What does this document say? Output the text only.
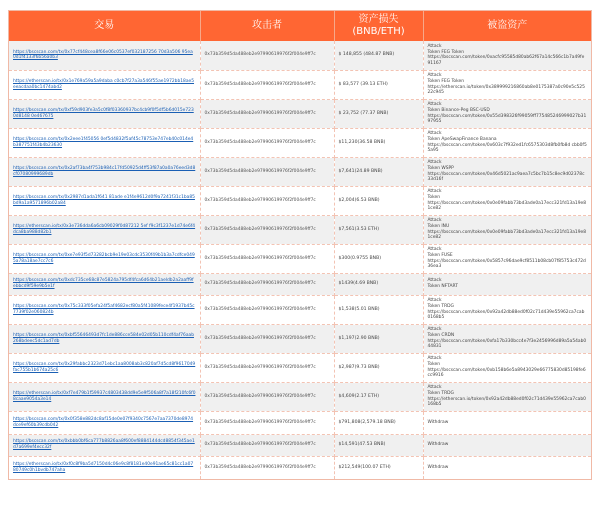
交易	攻击者	资产损失
(BNB/ETH)	被盗资产
https://bscscan.com/tx/0x77cf448cea8f66e06c0537ef032187256 70d3a506 95ea0d1f4133f6b56a0b3	0x73b359d5da488eb2e97990619976f2f004e9ff7c	$ 148,855 (484.87 BNB)	Attack
Token FEG Token
https://bscscan.com/token/0xacfc95585d80ab62f67a14c566c1b7a49fe91167

https://etherscan.io/tx/0x1e769a59a5a9daba c0cb7f27a3a546f55ae1972bb18ae5eeacdaa0bc1474abd2	0x73b359d5da488eb2e97990619976f2f004e9ff7c	$ 83,577 (39.13 ETH)	Attack
Token FEG Token
https://etherscan.io/token/0x389999216860ab8e0175387a0c90e5c52522c945

https://bscscan.com/tx/0xf59d903fe3a5c0f8f03360937bc4cb9f0f5df5b6d015e7230d8148 0e467675	0x73b359d5da488eb2e97990619976f2f004e9ff7c	$ 23,752 (77.37 BNB)	Attack
Token Binance-Peg BSC-USD
https://bscscan.com/token/0x55d398326f99059ff775485246999027b3197955

https://bscscan.com/tx/0x2eee1f45056 0ef5d4832f5af45c78753e747eb40c014e4b387751f43b4b23630	0x73b359d5da488eb2e97990619976f2f004e9ff7c	$11,230(36.58 BNB)	Attack
Token ApeSwapFinance Banana
https://bscscan.com/token/0x603c7f932ed1fc6575303d8fb0fb8d cbb0f55a95

https://bscscan.com/tx/0x2af73ba4f753b984c17fd50925d4ff53f87a0a0a76eed3d8cf07080999689db	0x73b359d5da488eb2e97990619976f2f004e9ff7c	$7,641(24.89 BNB)	Attack
Token WSPP
https://bscscan.com/token/0x46d5021ac9aea7c5bc7b15c8ec9d02378c33d16f

https://bscscan.com/tx/0x2987d1ada1f641 81ade e1f4e9612d0f9a7241f31c1ba85bd9a1a9571896b02a84	0x73b359d5da488eb2e97990619976f2f004e9ff7c	$2,004(6.53 BNB)	Attack
Token
https://bscscan.com/token/0x0e09fabb73bd3ade0a17ecc321fd13a19e81ce82

https://etherscan.io/tx/0x3e736dda6a6cb09029f0d87212 5ef f9c3f1237e1d74e6f4dca8ba988d82b1	0x73b359d5da488eb2e97990619976f2f004e9ff7c	$7,561(3.53 ETH)	Attack
Token INU
https://bscscan.com/token/0x0e09fabb73bd3ade0a17ecc321fd13a19e81ce82

https://bscscan.com/tx/0xe7e93f5d73282bcb9e19e03cdc3530f49b1b3a7cdfce0495a78a18ae7cc7c6	0x73b359d5da488eb2e97990619976f2f004e9ff7c	$300(0.9755 BNB)	Attack
Token FUSE
https://bscscan.com/token/0x5857c96dae9cf8511b08cb07f85753c472d36ea3

https://bscscan.com/tx/0xdc735ce68c87e5824a795df4fca6d64b21aeldb2a2aaff9febbcd9f59e9b5e1f	0x73b359d5da488eb2e97990619976f2f004e9ff7c	$1439(4.69 BNB)	Attack
Token NFTART

https://bscscan.com/tx/0x75c333f05efa24f5af4682ecf80a5f41089fece4f1937b45c7739f02e060824b	0x73b359d5da488eb2e97990619976f2f004e9ff7c	$1,538(5.01 BNB)	Attack
Token TRDG
https://bscscan.com/token/0x92a42db88ed0f02c71d439e55962ca7cab0168b5

https://bscscan.com/tx/0xbf55646493d7fc1de886cce584e02d05b110cdf4af76aab268bdeec5dc1ad7db	0x73b359d5da488eb2e97990619976f2f004e9ff7c	$1,197(2.90 BNB)	Attack
Token CRDN
https://bscscan.com/token/0xfa17b330bcc4e7f3e2456996d89a5a54ab044831

https://bscscan.com/tx/0x29fabbc2323d71ebc1aa8008ab3c820af7d5cd8f9617049fac755b1b674a25c6	0x73b359d5da488eb2e97990619976f2f004e9ff7c	$2,987(9.73 BNB)	Attack
Token
https://bscscan.com/token/0xb158b6e5a8943029e66775830d85198fe6cc9916

https://etherscan.io/tx/0xf7e479b1f59937c4803438dd9e5e9f506a8f7a18f210fc6f08caae9054a3e14	0x73b359d5da488eb2e97990619976f2f004e9ff7c	$4,609(2.17 ETH)	Attack
Token TRDG
https://etherscan.io/token/0x92a42db88ed0f02c71d439e55962ca7cab0168b5

https://bscscan.com/tx/0x0f358e882dc8af15de0e07f9340c7567e7aa7370de8974dce9ef60b39cdb042	0x73b359d5da488eb2e97990619976f2f004e9ff7c	$791,808(2,579.18 BNB)	Withdraw

https://bscscan.com/tx/0xbbb0bf6ca777b8826aa8f600ef8884144dcd8854f345ae1d7a699ef4ecc32f	0x73b359d5da488eb2e97990619976f2f004e9ff7c	$14,591(47.53 BNB)	Withdraw

https://etherscan.io/tx/0xf0c8f9ba5d7150d4c06e9c8f8181e40e91ae65c81cc1a0780749c0h1bvdb747aha	0x73b359d5da488eb2e97990619976f2f004e9ff7c	$212,549(100.07 ETH)	Withdraw
